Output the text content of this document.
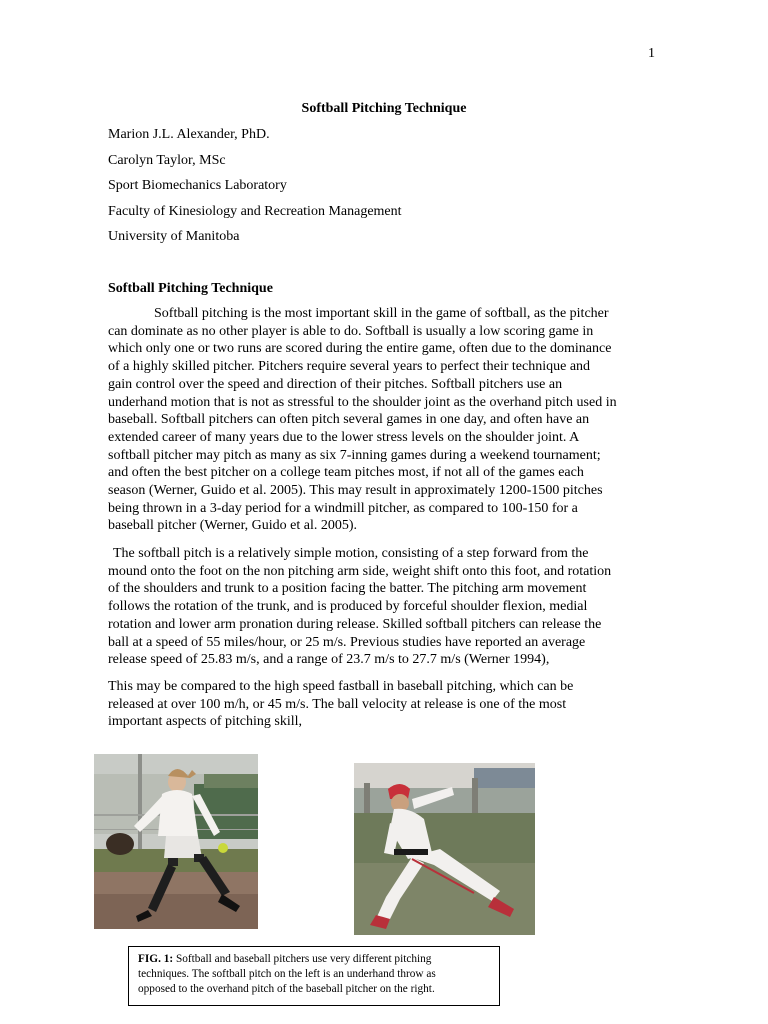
1
Softball Pitching Technique
Marion J.L. Alexander, PhD.
Carolyn Taylor, MSc
Sport Biomechanics Laboratory
Faculty of Kinesiology and Recreation Management
University of Manitoba
Softball Pitching Technique

Softball pitching is the most important skill in the game of softball, as the pitcher
can dominate as no other player is able to do. Softball is usually a low scoring game in
which only one or two runs are scored during the entire game, often due to the dominance
of a highly skilled pitcher. Pitchers require several years to perfect their technique and
gain control over the speed and direction of their pitches. Softball pitchers use an
underhand motion that is not as stressful to the shoulder joint as the overhand pitch used in
baseball. Softball pitchers can often pitch several games in one day, and often have an
extended career of many years due to the lower stress levels on the shoulder joint. A
softball pitcher may pitch as many as six 7-inning games during a weekend tournament;
and often the best pitcher on a college team pitches most, if not all of the games each
season (Werner, Guido et al. 2005). This may result in approximately 1200-1500 pitches
being thrown in a 3-day period for a windmill pitcher, as compared to 100-150 for a
baseball pitcher (Werner, Guido et al. 2005).

The softball pitch is a relatively simple motion, consisting of a step forward from the
mound onto the foot on the non pitching arm side, weight shift onto this foot, and rotation
of the shoulders and trunk to a position facing the batter. The pitching arm movement
follows the rotation of the trunk, and is produced by forceful shoulder flexion, medial
rotation and lower arm pronation during release. Skilled softball pitchers can release the
ball at a speed of 55 miles/hour, or 25 m/s. Previous studies have reported an average
release speed of 25.83 m/s, and a range of 23.7 m/s to 27.7 m/s (Werner 1994),

This may be compared to the high speed fastball in baseball pitching, which can be
released at over 100 m/h, or 45 m/s. The ball velocity at release is one of the most
important aspects of pitching skill,

FIG. 1: Softball and baseball pitchers use very different pitching
techniques. The softball pitch on the left is an underhand throw as
opposed to the overhand pitch of the baseball pitcher on the right.
